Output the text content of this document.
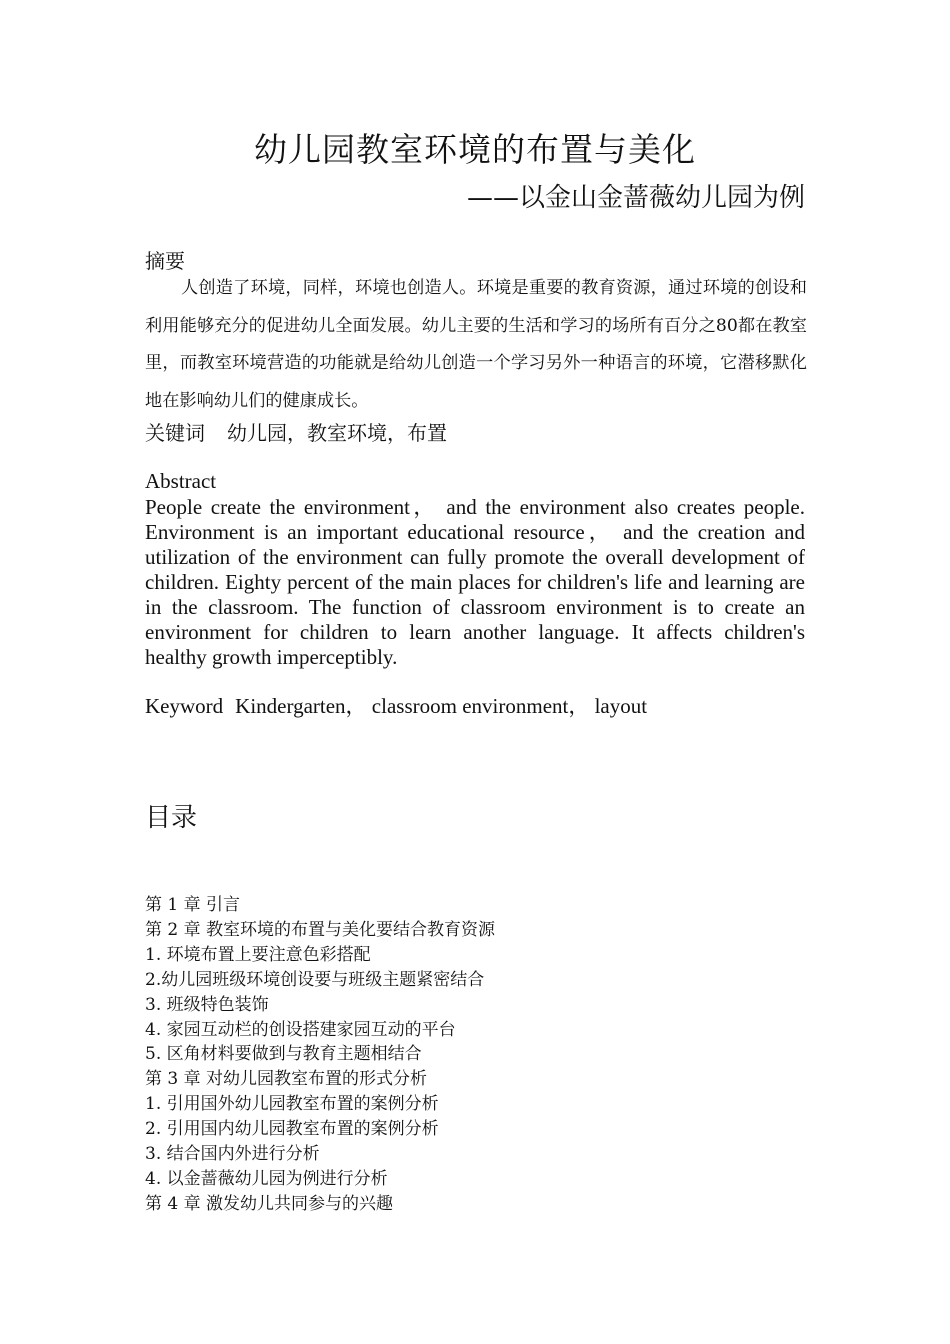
幼儿园教室环境的布置与美化
——以金山金蔷薇幼儿园为例
摘要
人创造了环境，同样，环境也创造人。环境是重要的教育资源，通过环境的创设和利用能够充分的促进幼儿全面发展。幼儿主要的生活和学习的场所有百分之80都在教室里，而教室环境营造的功能就是给幼儿创造一个学习另外一种语言的环境，它潜移默化地在影响幼儿们的健康成长。
关键词 幼儿园，教室环境，布置
Abstract
People create the environment， and the environment also creates people. Environment is an important educational resource， and the creation and utilization of the environment can fully promote the overall development of children. Eighty percent of the main places for children's life and learning are in the classroom. The function of classroom environment is to create an environment for children to learn another language. It affects children's healthy growth imperceptibly.
Keyword Kindergarten， classroom environment， layout
目录
第 1 章 引言
第 2 章 教室环境的布置与美化要结合教育资源
1. 环境布置上要注意色彩搭配
2.幼儿园班级环境创设要与班级主题紧密结合
3. 班级特色装饰
4. 家园互动栏的创设搭建家园互动的平台
5. 区角材料要做到与教育主题相结合
第 3 章 对幼儿园教室布置的形式分析
1. 引用国外幼儿园教室布置的案例分析
2. 引用国内幼儿园教室布置的案例分析
3. 结合国内外进行分析
4. 以金蔷薇幼儿园为例进行分析
第 4 章 激发幼儿共同参与的兴趣
